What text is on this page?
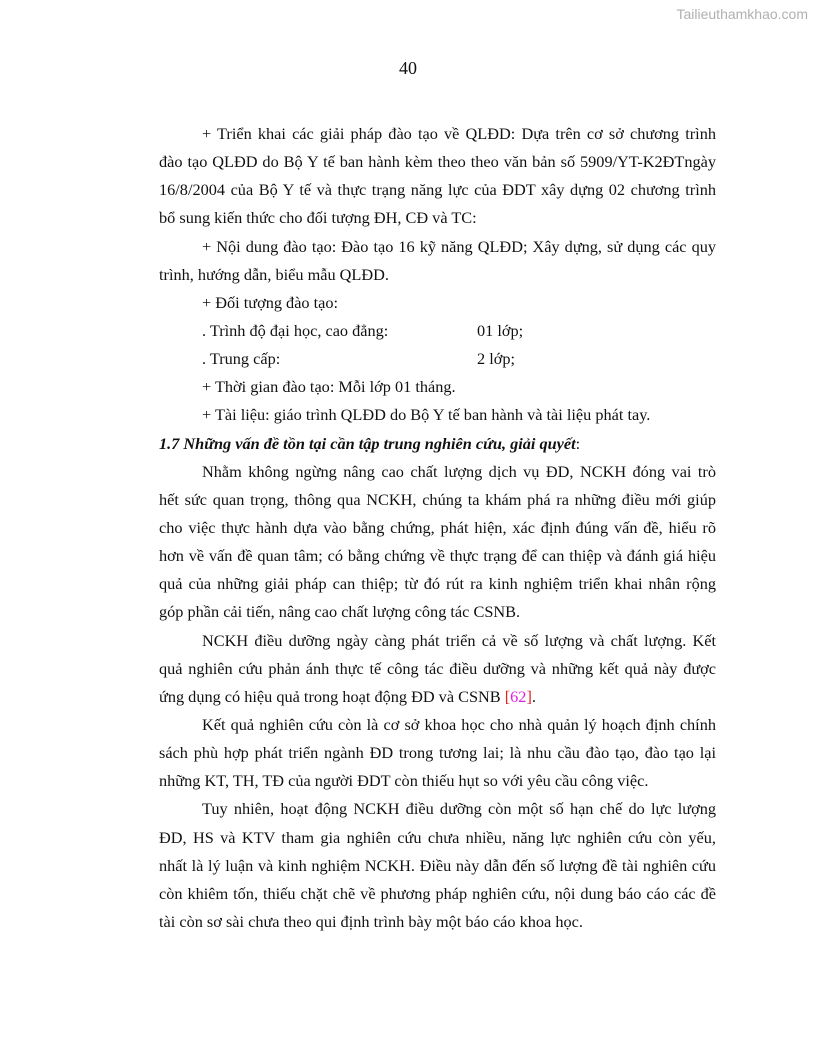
Tailieuthamkhao.com
40
+ Triển khai các giải pháp đào tạo về QLĐD: Dựa trên cơ sở chương trình
đào tạo QLĐD do Bộ Y tế ban hành kèm theo theo văn bản số 5909/YT-K2ĐTngày
16/8/2004 của Bộ Y tế và thực trạng năng lực của ĐDT xây dựng 02 chương trình
bổ sung kiến thức cho đối tượng ĐH, CĐ và TC:
+ Nội dung đào tạo: Đào tạo 16 kỹ năng QLĐD; Xây dựng, sử dụng các quy
trình, hướng dẫn, biểu mẫu QLĐD.
+ Đối tượng đào tạo:
. Trình độ đại học, cao đẳng:	01 lớp;
. Trung cấp:	2 lớp;
+ Thời gian đào tạo: Mỗi lớp 01 tháng.
+ Tài liệu: giáo trình QLĐD do Bộ Y tế ban hành và tài liệu phát tay.
1.7 Những vấn đề tồn tại cần tập trung nghiên cứu, giải quyết:
Nhằm không ngừng nâng cao chất lượng dịch vụ ĐD, NCKH đóng vai trò
hết sức quan trọng, thông qua NCKH, chúng ta khám phá ra những điều mới giúp
cho việc thực hành dựa vào bằng chứng, phát hiện, xác định đúng vấn đề, hiểu rõ
hơn về vấn đề quan tâm; có bằng chứng về thực trạng để can thiệp và đánh giá hiệu
quả của những giải pháp can thiệp; từ đó rút ra kinh nghiệm triển khai nhân rộng
góp phần cải tiến, nâng cao chất lượng công tác CSNB.
NCKH điều dưỡng ngày càng phát triển cả về số lượng và chất lượng. Kết
quả nghiên cứu phản ánh thực tế công tác điều dưỡng và những kết quả này được
ứng dụng có hiệu quả trong hoạt động ĐD và CSNB [62].
Kết quả nghiên cứu còn là cơ sở khoa học cho nhà quản lý hoạch định chính
sách phù hợp phát triển ngành ĐD trong tương lai; là nhu cầu đào tạo, đào tạo lại
những KT, TH, TĐ của người ĐDT còn thiếu hụt so với yêu cầu công việc.
Tuy nhiên, hoạt động NCKH điều dưỡng còn một số hạn chế do lực lượng
ĐD, HS và KTV tham gia nghiên cứu chưa nhiều, năng lực nghiên cứu còn yếu,
nhất là lý luận và kinh nghiệm NCKH. Điều này dẫn đến số lượng đề tài nghiên cứu
còn khiêm tốn, thiếu chặt chẽ về phương pháp nghiên cứu, nội dung báo cáo các đề
tài còn sơ sài chưa theo qui định trình bày một báo cáo khoa học.
